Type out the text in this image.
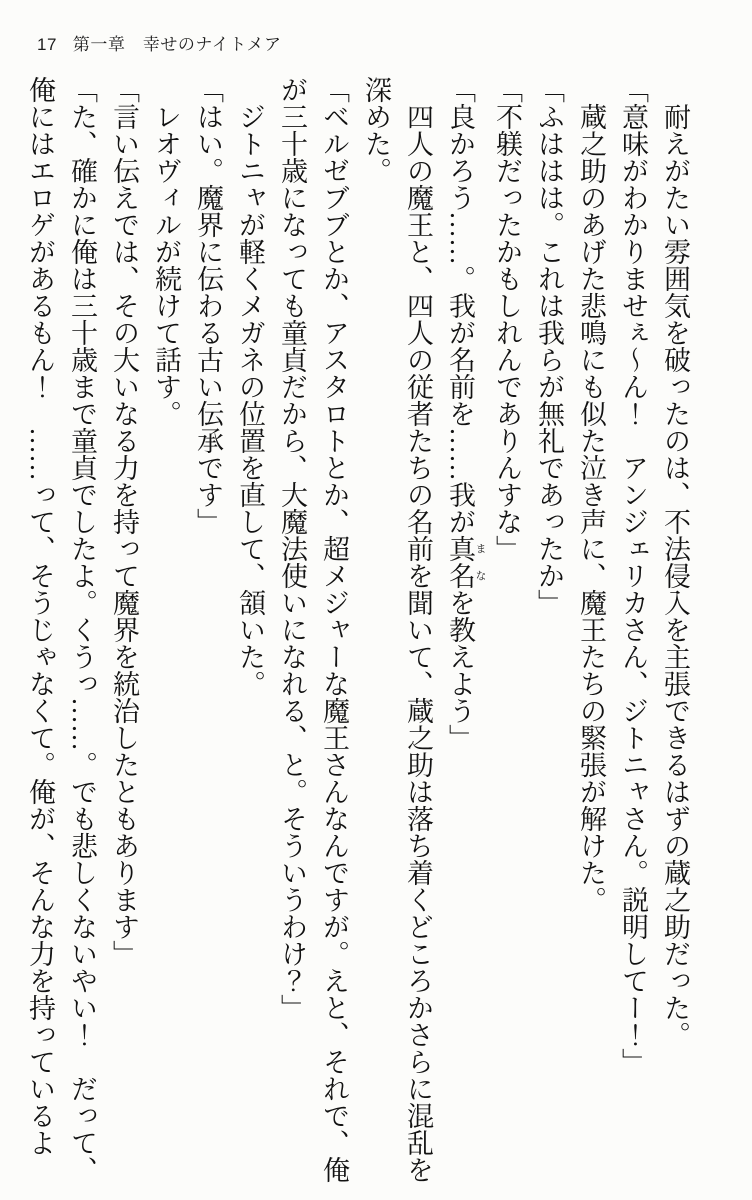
17 第一章　幸せのナイトメア

耐えがたい雰囲気を破ったのは、不法侵入を主張できるはずの蔵之助だった。

「意味がわかりませぇ～ん！　アンジェリカさん、ジトニャさん。説明してー！」

蔵之助のあげた悲鳴にも似た泣き声に、魔王たちの緊張が解けた。

「ふははは。これは我らが無礼であったか」

「不躾だったかもしれんでありんすな」

「良かろう……。我が名前を……我が真名 まなを教えよう」

四人の魔王と、四人の従者たちの名前を聞いて、蔵之助は落ち着くどころかさらに混乱を深めた。

「ベルゼブブとか、アスタロトとか、超メジャーな魔王さんなんですが。えと、それで、俺が三十歳になっても童貞だから、大魔法使いになれる、と。そういうわけ？」

ジトニャが軽くメガネの位置を直して、頷いた。

「はい。魔界に伝わる古い伝承です」

レオヴィルが続けて話す。

「言い伝えでは、その大いなる力を持って魔界を統治したともあります」

「た、確かに俺は三十歳まで童貞でしたよ。くうっ……。でも悲しくないやい！　だって、俺にはエロゲがあるもん！　……って、そうじゃなくて。俺が、そんな力を持っているよ
